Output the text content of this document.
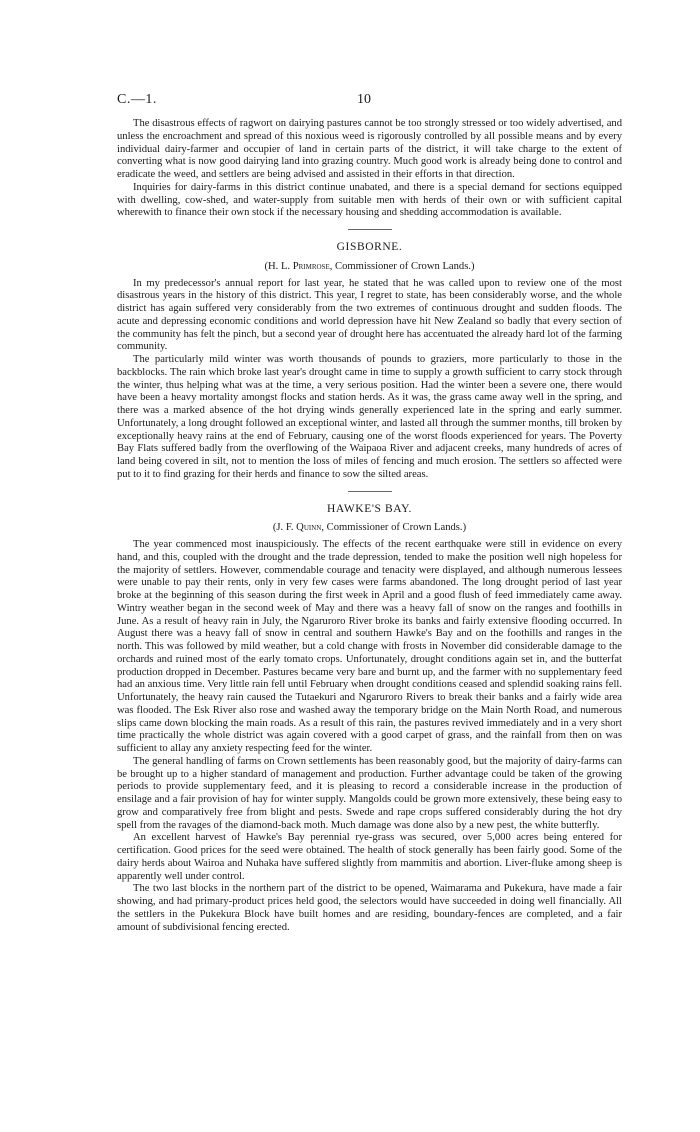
C.—1.	10

The disastrous effects of ragwort on dairying pastures cannot be too strongly stressed or too widely advertised, and unless the encroachment and spread of this noxious weed is rigorously controlled by all possible means and by every individual dairy-farmer and occupier of land in certain parts of the district, it will take charge to the extent of converting what is now good dairying land into grazing country. Much good work is already being done to control and eradicate the weed, and settlers are being advised and assisted in their efforts in that direction.

Inquiries for dairy-farms in this district continue unabated, and there is a special demand for sections equipped with dwelling, cow-shed, and water-supply from suitable men with herds of their own or with sufficient capital wherewith to finance their own stock if the necessary housing and shedding accommodation is available.

GISBORNE.
(H. L. Primrose, Commissioner of Crown Lands.)

In my predecessor's annual report for last year, he stated that he was called upon to review one of the most disastrous years in the history of this district. This year, I regret to state, has been considerably worse, and the whole district has again suffered very considerably from the two extremes of continuous drought and sudden floods. The acute and depressing economic conditions and world depression have hit New Zealand so badly that every section of the community has felt the pinch, but a second year of drought here has accentuated the already hard lot of the farming community.

The particularly mild winter was worth thousands of pounds to graziers, more particularly to those in the backblocks. The rain which broke last year's drought came in time to supply a growth sufficient to carry stock through the winter, thus helping what was at the time, a very serious position. Had the winter been a severe one, there would have been a heavy mortality amongst flocks and station herds. As it was, the grass came away well in the spring, and there was a marked absence of the hot drying winds generally experienced late in the spring and early summer. Unfortunately, a long drought followed an exceptional winter, and lasted all through the summer months, till broken by exceptionally heavy rains at the end of February, causing one of the worst floods experienced for years. The Poverty Bay Flats suffered badly from the overflowing of the Waipaoa River and adjacent creeks, many hundreds of acres of land being covered in silt, not to mention the loss of miles of fencing and much erosion. The settlers so affected were put to it to find grazing for their herds and finance to sow the silted areas.

HAWKE'S BAY.
(J. F. Quinn, Commissioner of Crown Lands.)

The year commenced most inauspiciously. The effects of the recent earthquake were still in evidence on every hand, and this, coupled with the drought and the trade depression, tended to make the position well nigh hopeless for the majority of settlers. However, commendable courage and tenacity were displayed, and although numerous lessees were unable to pay their rents, only in very few cases were farms abandoned. The long drought period of last year broke at the beginning of this season during the first week in April and a good flush of feed immediately came away. Wintry weather began in the second week of May and there was a heavy fall of snow on the ranges and foothills in June. As a result of heavy rain in July, the Ngaruroro River broke its banks and fairly extensive flooding occurred. In August there was a heavy fall of snow in central and southern Hawke's Bay and on the foothills and ranges in the north. This was followed by mild weather, but a cold change with frosts in November did considerable damage to the orchards and ruined most of the early tomato crops. Unfortunately, drought conditions again set in, and the butterfat production dropped in December. Pastures became very bare and burnt up, and the farmer with no supplementary feed had an anxious time. Very little rain fell until February when drought conditions ceased and splendid soaking rains fell. Unfortunately, the heavy rain caused the Tutaekuri and Ngaruroro Rivers to break their banks and a fairly wide area was flooded. The Esk River also rose and washed away the temporary bridge on the Main North Road, and numerous slips came down blocking the main roads. As a result of this rain, the pastures revived immediately and in a very short time practically the whole district was again covered with a good carpet of grass, and the rainfall from then on was sufficient to allay any anxiety respecting feed for the winter.

The general handling of farms on Crown settlements has been reasonably good, but the majority of dairy-farms can be brought up to a higher standard of management and production. Further advantage could be taken of the growing periods to provide supplementary feed, and it is pleasing to record a considerable increase in the production of ensilage and a fair provision of hay for winter supply. Mangolds could be grown more extensively, these being easy to grow and comparatively free from blight and pests. Swede and rape crops suffered considerably during the hot dry spell from the ravages of the diamond-back moth. Much damage was done also by a new pest, the white butterfly.

An excellent harvest of Hawke's Bay perennial rye-grass was secured, over 5,000 acres being entered for certification. Good prices for the seed were obtained. The health of stock generally has been fairly good. Some of the dairy herds about Wairoa and Nuhaka have suffered slightly from mammitis and abortion. Liver-fluke among sheep is apparently well under control.

The two last blocks in the northern part of the district to be opened, Waimarama and Pukekura, have made a fair showing, and had primary-product prices held good, the selectors would have succeeded in doing well financially. All the settlers in the Pukekura Block have built homes and are residing, boundary-fences are completed, and a fair amount of subdivisional fencing erected.
